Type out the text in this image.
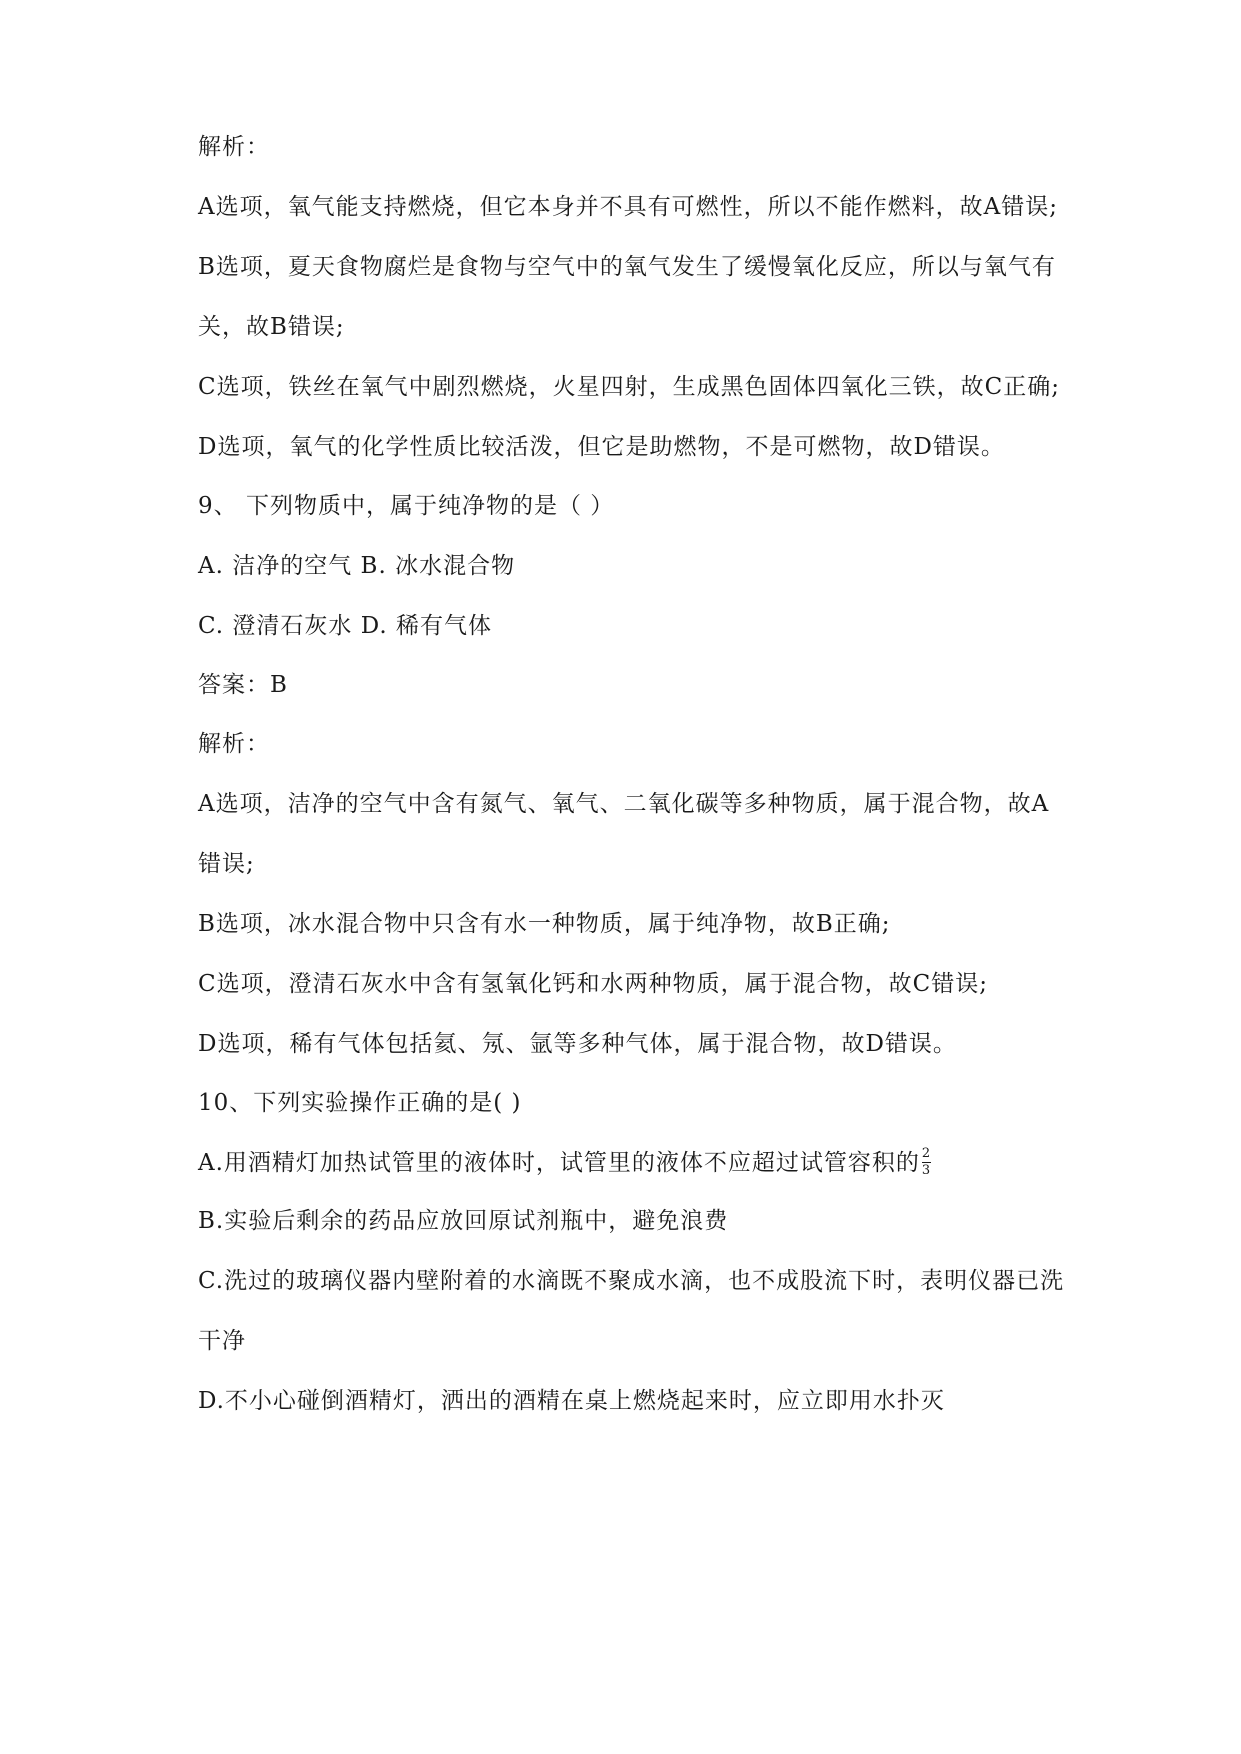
解析：
A选项，氧气能支持燃烧，但它本身并不具有可燃性，所以不能作燃料，故A错误;
B选项，夏天食物腐烂是食物与空气中的氧气发生了缓慢氧化反应，所以与氧气有
关，故B错误;
C选项，铁丝在氧气中剧烈燃烧，火星四射，生成黑色固体四氧化三铁，故C正确;
D选项，氧气的化学性质比较活泼，但它是助燃物，不是可燃物，故D错误。
9、 下列物质中，属于纯净物的是（ ）
A. 洁净的空气 B. 冰水混合物
C. 澄清石灰水 D. 稀有气体
答案：B
解析：
A选项，洁净的空气中含有氮气、氧气、二氧化碳等多种物质，属于混合物，故A
错误;
B选项，冰水混合物中只含有水一种物质，属于纯净物，故B正确;
C选项，澄清石灰水中含有氢氧化钙和水两种物质，属于混合物，故C错误;
D选项，稀有气体包括氦、氖、氩等多种气体，属于混合物，故D错误。
10、下列实验操作正确的是( )
A.用酒精灯加热试管里的液体时，试管里的液体不应超过试管容积的 $\frac{2}{3}$
B.实验后剩余的药品应放回原试剂瓶中，避免浪费
C.洗过的玻璃仪器内壁附着的水滴既不聚成水滴，也不成股流下时，表明仪器已洗
干净
D.不小心碰倒酒精灯，洒出的酒精在桌上燃烧起来时，应立即用水扑灭
